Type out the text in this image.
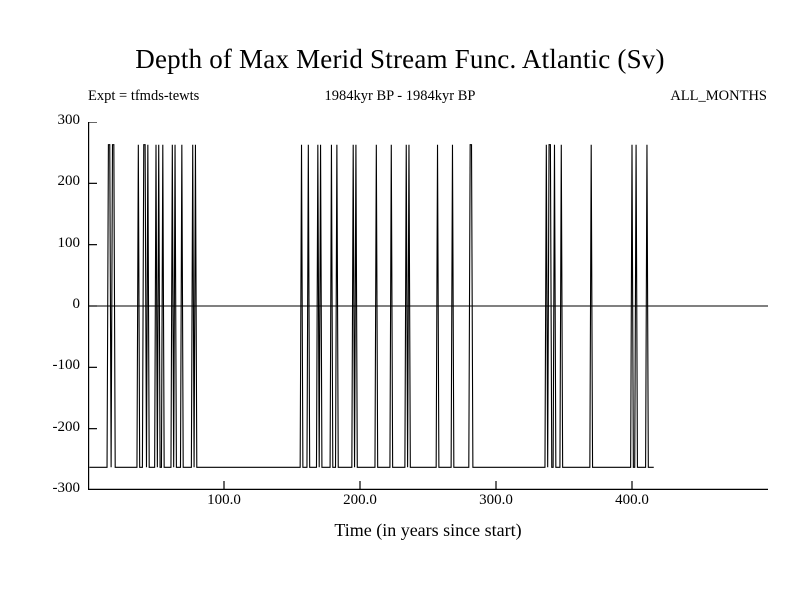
Depth of Max Merid Stream Func. Atlantic (Sv)
Expt = tfmds-tewts	1984kyr BP - 1984kyr BP	ALL_MONTHS
300
200
100
0
-100
-200
-300
100.0	200.0	300.0	400.0
Time (in years since start)
